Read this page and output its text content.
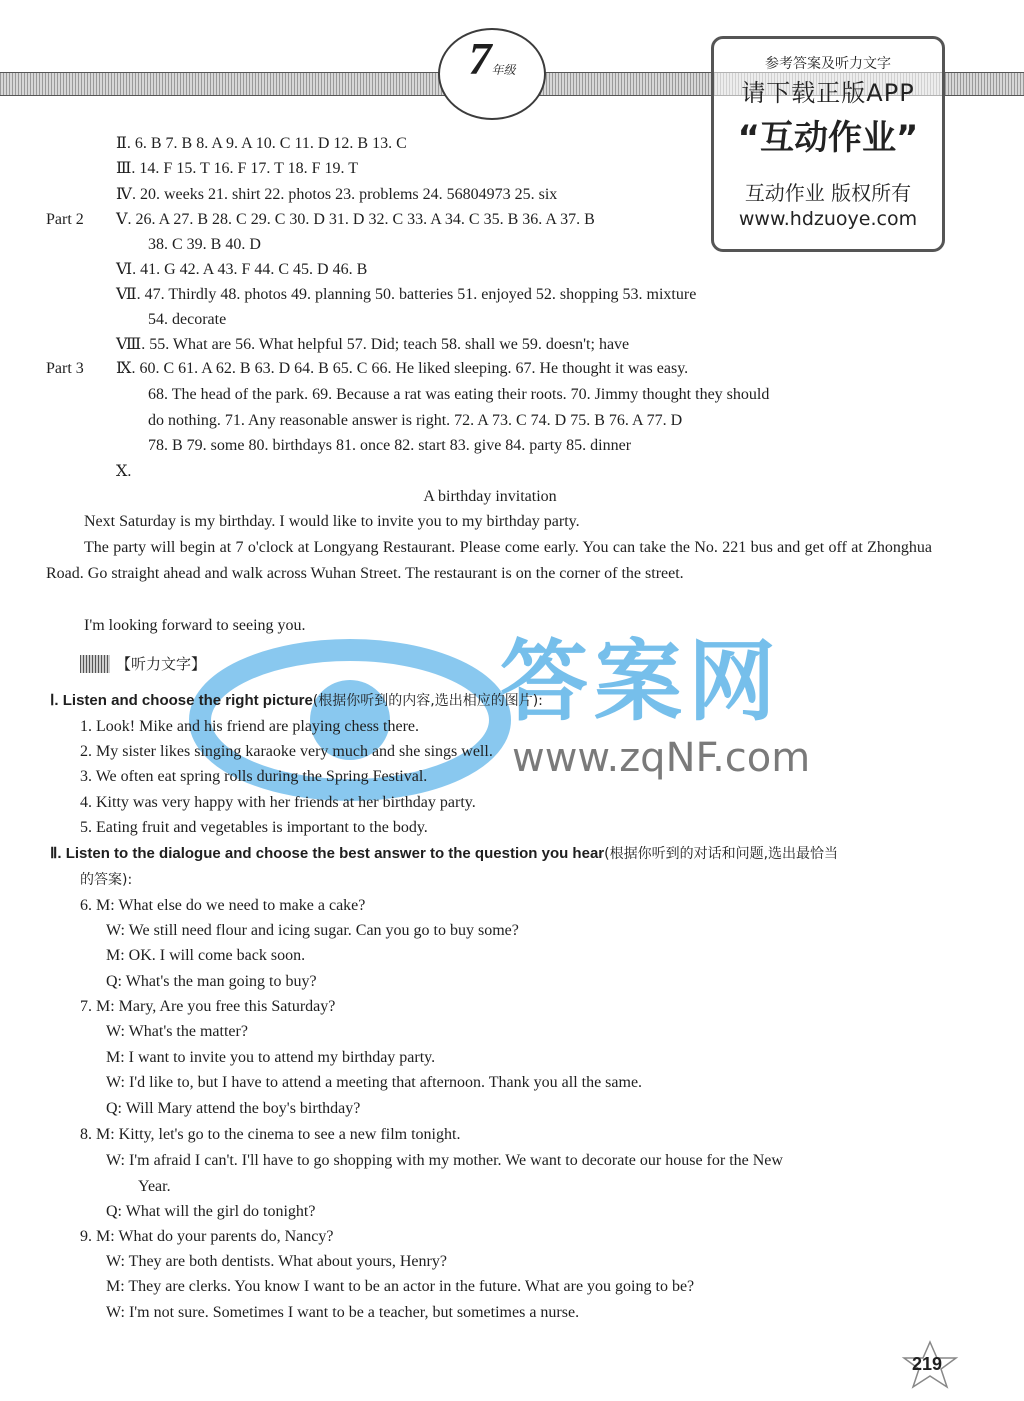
7年级	参考答案及听力文字
请下载正版APP
“互动作业”
互动作业 版权所有
www.hdzuoye.com
Ⅱ. 6. B 7. B 8. A 9. A 10. C 11. D 12. B 13. C
Ⅲ. 14. F 15. T 16. F 17. T 18. F 19. T
Ⅳ. 20. weeks 21. shirt 22. photos 23. problems 24. 56804973 25. six
Part 2 Ⅴ. 26. A 27. B 28. C 29. C 30. D 31. D 32. C 33. A 34. C 35. B 36. A 37. B
38. C 39. B 40. D
Ⅵ. 41. G 42. A 43. F 44. C 45. D 46. B
Ⅶ. 47. Thirdly 48. photos 49. planning 50. batteries 51. enjoyed 52. shopping 53. mixture
54. decorate
Ⅷ. 55. What are 56. What helpful 57. Did; teach 58. shall we 59. doesn't; have
Part 3 Ⅸ. 60. C 61. A 62. B 63. D 64. B 65. C 66. He liked sleeping. 67. He thought it was easy.
68. The head of the park. 69. Because a rat was eating their roots. 70. Jimmy thought they should
do nothing. 71. Any reasonable answer is right. 72. A 73. C 74. D 75. B 76. A 77. D
78. B 79. some 80. birthdays 81. once 82. start 83. give 84. party 85. dinner
Ⅹ.
A birthday invitation
Next Saturday is my birthday. I would like to invite you to my birthday party.
The party will begin at 7 o'clock at Longyang Restaurant. Please come early. You can take the No. 221 bus and get off at Zhonghua Road. Go straight ahead and walk across Wuhan Street. The restaurant is on the corner of the street.
I'm looking forward to seeing you.
答案网
www.zqNF.com
【听力文字】
Ⅰ. Listen and choose the right picture(根据你听到的内容,选出相应的图片):
1. Look! Mike and his friend are playing chess there.
2. My sister likes singing karaoke very much and she sings well.
3. We often eat spring rolls during the Spring Festival.
4. Kitty was very happy with her friends at her birthday party.
5. Eating fruit and vegetables is important to the body.
Ⅱ. Listen to the dialogue and choose the best answer to the question you hear(根据你听到的对话和问题,选出最恰当
的答案):
6. M: What else do we need to make a cake?
W: We still need flour and icing sugar. Can you go to buy some?
M: OK. I will come back soon.
Q: What's the man going to buy?
7. M: Mary, Are you free this Saturday?
W: What's the matter?
M: I want to invite you to attend my birthday party.
W: I'd like to, but I have to attend a meeting that afternoon. Thank you all the same.
Q: Will Mary attend the boy's birthday?
8. M: Kitty, let's go to the cinema to see a new film tonight.
W: I'm afraid I can't. I'll have to go shopping with my mother. We want to decorate our house for the New
Year.
Q: What will the girl do tonight?
9. M: What do your parents do, Nancy?
W: They are both dentists. What about yours, Henry?
M: They are clerks. You know I want to be an actor in the future. What are you going to be?
W: I'm not sure. Sometimes I want to be a teacher, but sometimes a nurse.
219
